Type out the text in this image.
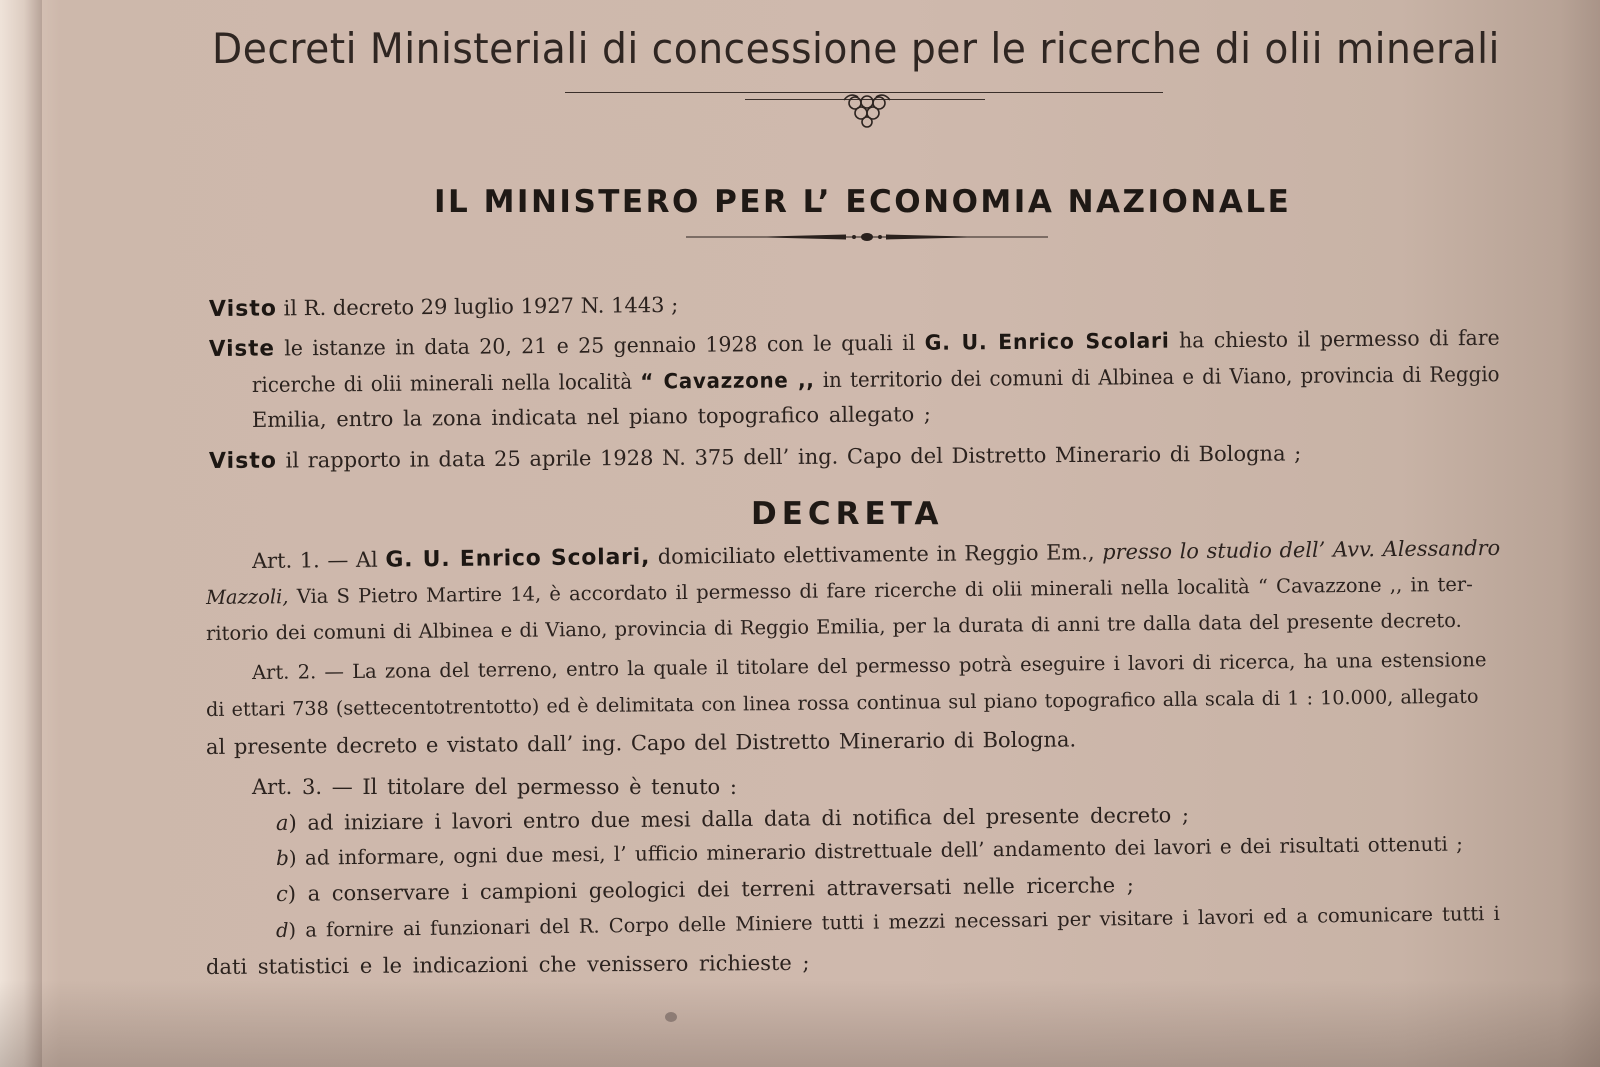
Decreti Ministeriali di concessione per le ricerche di olii minerali
IL MINISTERO PER L’ ECONOMIA NAZIONALE
Visto il R. decreto 29 luglio 1927 N. 1443 ;
Viste le istanze in data 20, 21 e 25 gennaio 1928 con le quali il G. U. Enrico Scolari ha chiesto il permesso di fare
ricerche di olii minerali nella località “ Cavazzone ,, in territorio dei comuni di Albinea e di Viano, provincia di Reggio
Emilia, entro la zona indicata nel piano topografico allegato ;
Visto il rapporto in data 25 aprile 1928 N. 375 dell’ ing. Capo del Distretto Minerario di Bologna ;
DECRETA
Art. 1. — Al G. U. Enrico Scolari, domiciliato elettivamente in Reggio Em., presso lo studio dell’ Avv. Alessandro
Mazzoli, Via S Pietro Martire 14, è accordato il permesso di fare ricerche di olii minerali nella località “ Cavazzone ,, in ter-
ritorio dei comuni di Albinea e di Viano, provincia di Reggio Emilia, per la durata di anni tre dalla data del presente decreto.
Art. 2. — La zona del terreno, entro la quale il titolare del permesso potrà eseguire i lavori di ricerca, ha una estensione
di ettari 738 (settecentotrentotto) ed è delimitata con linea rossa continua sul piano topografico alla scala di 1 : 10.000, allegato
al presente decreto e vistato dall’ ing. Capo del Distretto Minerario di Bologna.
Art. 3. — Il titolare del permesso è tenuto :
a) ad iniziare i lavori entro due mesi dalla data di notifica del presente decreto ;
b) ad informare, ogni due mesi, l’ ufficio minerario distrettuale dell’ andamento dei lavori e dei risultati ottenuti ;
c) a conservare i campioni geologici dei terreni attraversati nelle ricerche ;
d) a fornire ai funzionari del R. Corpo delle Miniere tutti i mezzi necessari per visitare i lavori ed a comunicare tutti i
dati statistici e le indicazioni che venissero richieste ;
